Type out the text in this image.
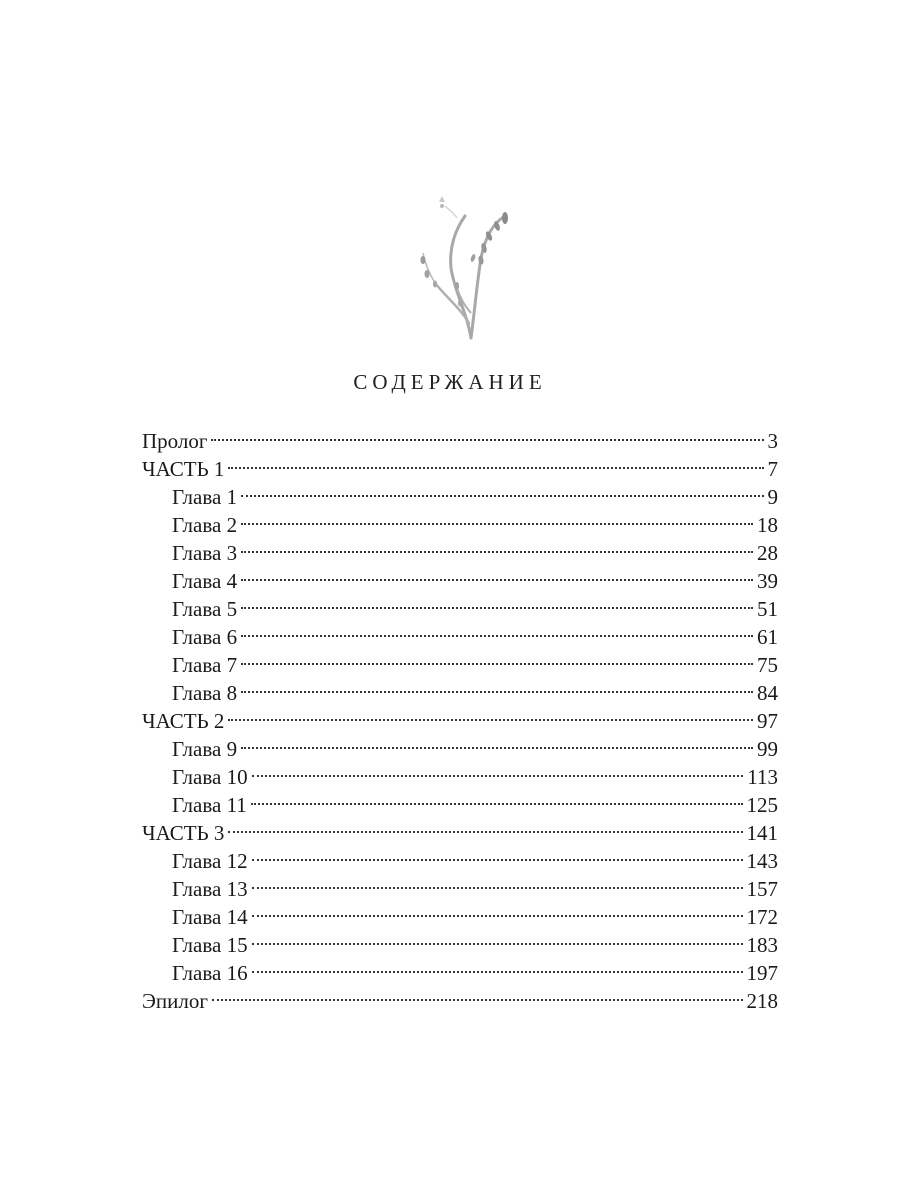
СОДЕРЖАНИЕ
Пролог	3
ЧАСТЬ 1	7
Глава 1	9
Глава 2	18
Глава 3	28
Глава 4	39
Глава 5	51
Глава 6	61
Глава 7	75
Глава 8	84
ЧАСТЬ 2	97
Глава 9	99
Глава 10	113
Глава 11	125
ЧАСТЬ 3	141
Глава 12	143
Глава 13	157
Глава 14	172
Глава 15	183
Глава 16	197
Эпилог	218
